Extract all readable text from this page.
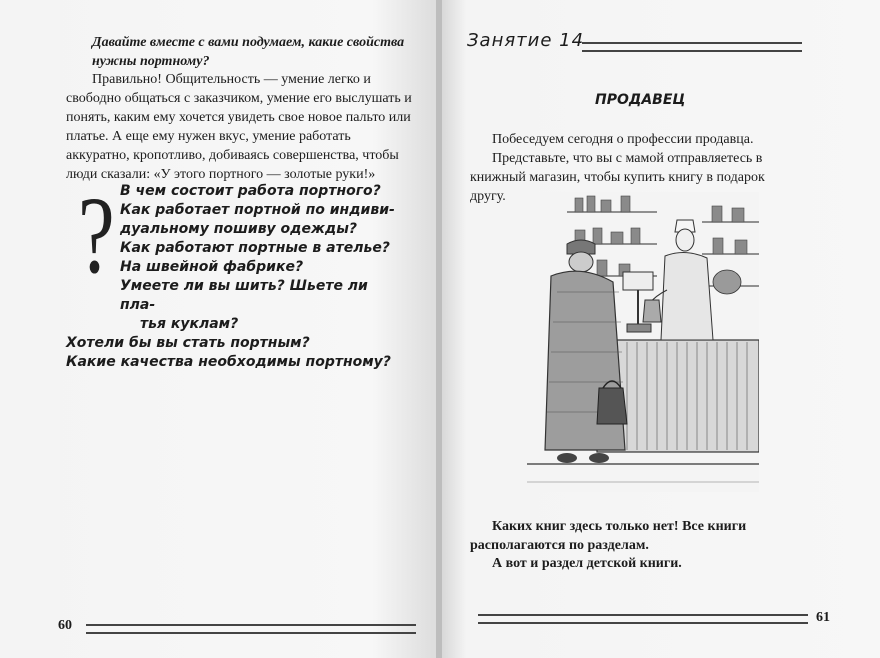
Давайте вместе с вами подумаем, какие свойства нужны портному?
Правильно! Общительность — умение легко и свободно общаться с заказчиком, умение его выслушать и понять, каким ему хочется увидеть свое новое пальто или платье. А еще ему нужен вкус, умение работать аккуратно, кропотливо, добиваясь совершенства, чтобы люди сказали: «У этого портного — золотые руки!»
? В чем состоит работа портного?
Как работает портной по индиви-
дуальному пошиву одежды?
Как работают портные в ателье?
На швейной фабрике?
Умеете ли вы шить? Шьете ли пла-
тья куклам?
Хотели бы вы стать портным?
Какие качества необходимы портному?
60
Занятие 14
ПРОДАВЕЦ
Побеседуем сегодня о профессии продавца.
Представьте, что вы с мамой отправляетесь в книжный магазин, чтобы купить книгу в подарок другу.
Каких книг здесь только нет! Все книги располагаются по разделам.
А вот и раздел детской книги.
61
